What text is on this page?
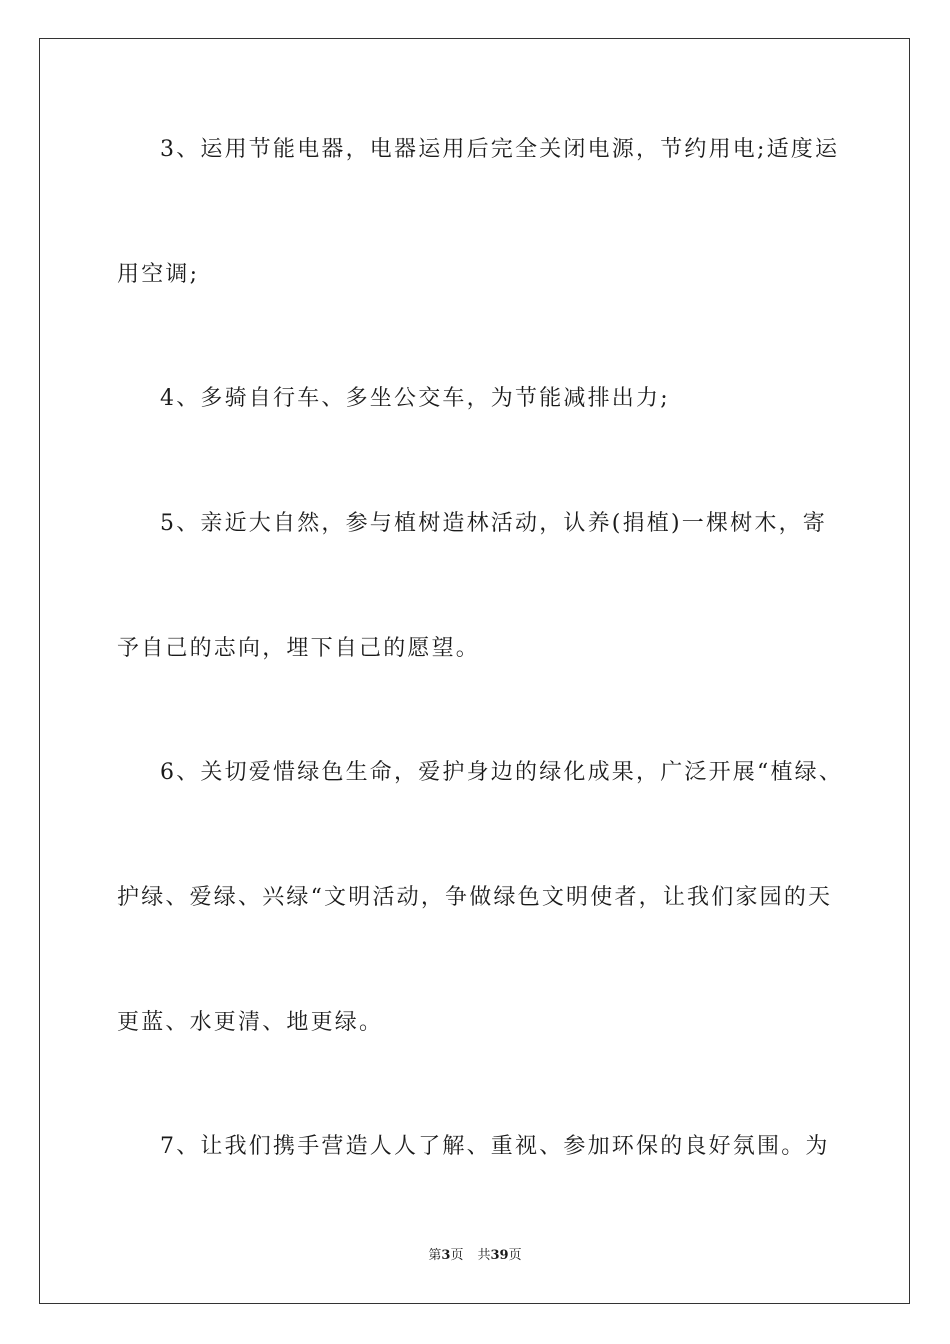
3、运用节能电器，电器运用后完全关闭电源，节约用电;适度运
用空调;
4、多骑自行车、多坐公交车，为节能减排出力;
5、亲近大自然，参与植树造林活动，认养(捐植)一棵树木，寄
予自己的志向，埋下自己的愿望。
6、关切爱惜绿色生命，爱护身边的绿化成果，广泛开展“植绿、
护绿、爱绿、兴绿“文明活动，争做绿色文明使者，让我们家园的天
更蓝、水更清、地更绿。
7、让我们携手营造人人了解、重视、参加环保的良好氛围。为
第3页 共39页
